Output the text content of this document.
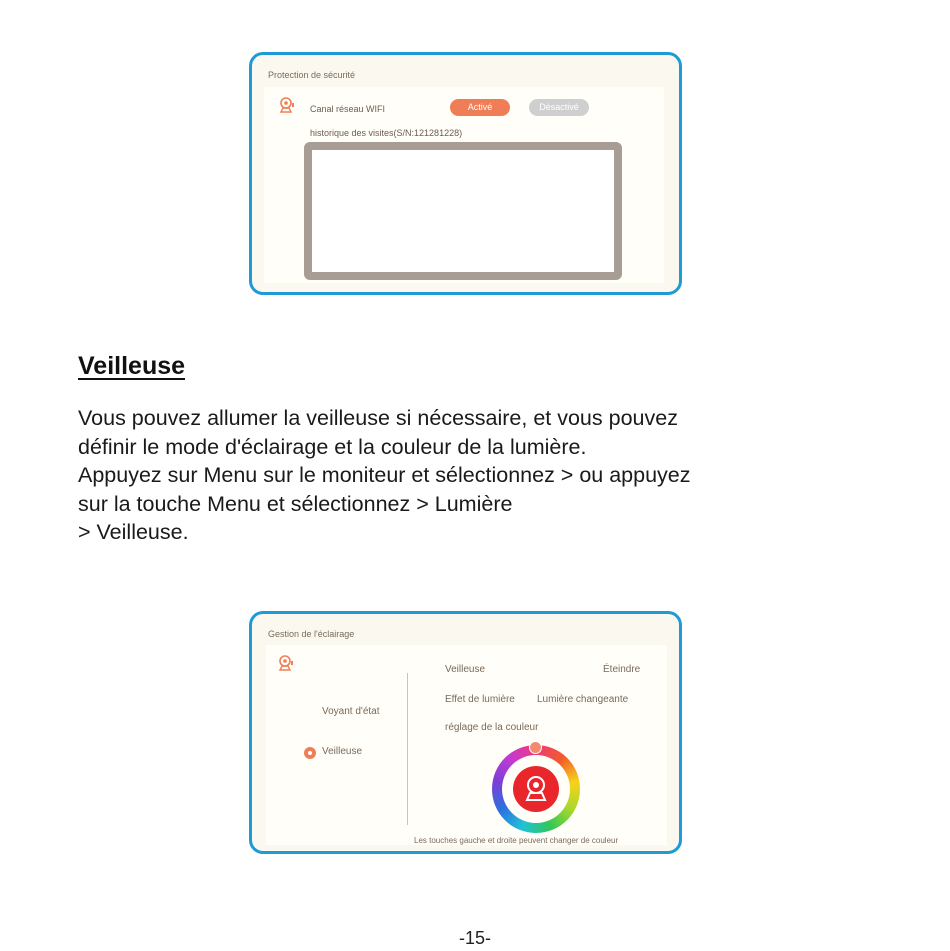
Protection de sécurité
Canal réseau WIFI	Activé	Désactivé
historique des visites(S/N:121281228)
Veilleuse
Vous pouvez allumer la veilleuse si nécessaire, et vous pouvez
définir le mode d'éclairage et la couleur de la lumière.
Appuyez sur Menu sur le moniteur et sélectionnez > ou appuyez
sur la touche Menu et sélectionnez > Lumière
> Veilleuse.
Gestion de l'éclairage
Voyant d'état
Veilleuse
Veilleuse	Éteindre
Effet de lumière Lumière changeante
réglage de la couleur
Les touches gauche et droite peuvent changer de couleur
-15-
